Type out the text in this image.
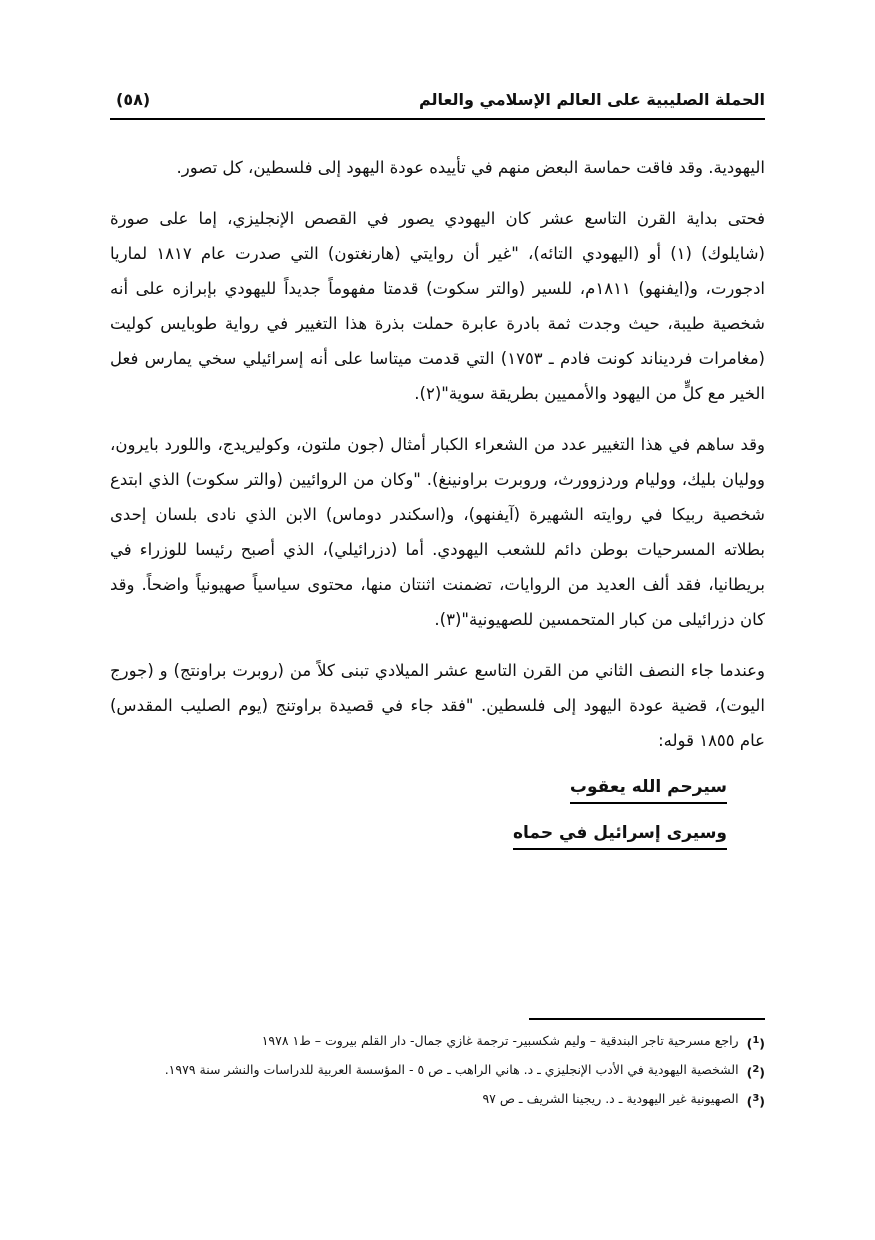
الحملة الصليبية على العالم الإسلامي والعالم
(٥٨)

اليهودية. وقد فاقت حماسة البعض منهم في تأييده عودة اليهود إلى فلسطين، كل تصور.

فحتى بداية القرن التاسع عشر كان اليهودي يصور في القصص الإنجليزي، إما على صورة (شايلوك) (١) أو (اليهودي التائه)، "غير أن روايتي (هارنغتون) التي صدرت عام ١٨١٧ لماريا ادجورت، و(ايفنهو) ١٨١١م، للسير (والتر سكوت) قدمتا مفهوماً جديداً لليهودي بإبرازه على أنه شخصية طيبة، حيث وجدت ثمة بادرة عابرة حملت بذرة هذا التغيير في رواية طوبايس كوليت (مغامرات فرديناند كونت فادم ـ ١٧٥٣) التي قدمت ميتاسا على أنه إسرائيلي سخي يمارس فعل الخير مع كلٍّ من اليهود والأمميين بطريقة سوية"(٢).

وقد ساهم في هذا التغيير عدد من الشعراء الكبار أمثال (جون ملتون، وكوليريدج، واللورد بايرون، ووليان بليك، ووليام وردزوورث، وروبرت براونينغ). "وكان من الروائيين (والتر سكوت) الذي ابتدع شخصية ربيكا في روايته الشهيرة (آيفنهو)، و(اسكندر دوماس) الابن الذي نادى بلسان إحدى بطلاته المسرحيات بوطن دائم للشعب اليهودي. أما (دزرائيلي)، الذي أصبح رئيسا للوزراء في بريطانيا، فقد ألف العديد من الروايات، تضمنت اثنتان منها، محتوى سياسياً صهيونياً واضحاً. وقد كان دزرائيلى من كبار المتحمسين للصهيونية"(٣).

وعندما جاء النصف الثاني من القرن التاسع عشر الميلادي تبنى كلاً من (روبرت براونتج) و (جورج اليوت)، قضية عودة اليهود إلى فلسطين. "فقد جاء في قصيدة براوتنج (يوم الصليب المقدس) عام ١٨٥٥ قوله:

سيرحم الله يعقوب
وسيرى إسرائيل في حماه
($^1$)
راجع مسرحية تاجر البندقية – وليم شكسبير- ترجمة غازي جمال- دار القلم بيروت – ط١ ١٩٧٨
($^2$)
الشخصية اليهودية في الأدب الإنجليزي ـ د. هاني الراهب ـ ص ٥ - المؤسسة العربية للدراسات والنشر سنة ١٩٧٩.
($^3$)
الصهيونية غير اليهودية ـ د. ريجينا الشريف ـ ص ٩٧
